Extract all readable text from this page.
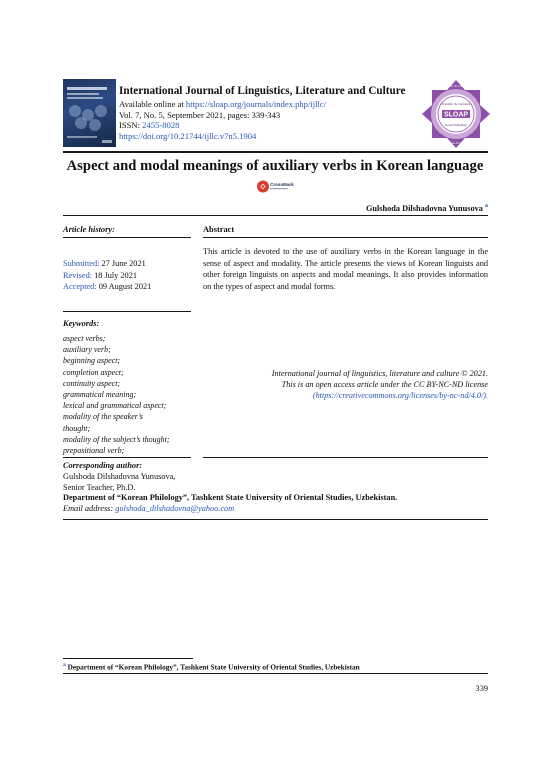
International Journal of Linguistics, Literature and Culture
Available online at https://sloap.org/journals/index.php/ijllc/
Vol. 7, No. 5, September 2021, pages: 339-343
ISSN: 2455-8028
https://doi.org/10.21744/ijllc.v7n5.1904
SLOAP
Scientific & Literature
Korea Publishing
Scientific & Literature
Open Access
Aspect and modal meanings of auxiliary verbs in Korean language
CrossMark
Gulshoda Dilshadovna Yunusova $^a$
Article history:	Abstract
Submitted: 27 June 2021
Revised: 18 July 2021
Accepted: 09 August 2021
This article is devoted to the use of auxiliary verbs in the Korean language in the sense of aspect and modality. The article presents the views of Korean linguists and other foreign linguists on aspects and modal meanings. It also provides information on the types of aspect and modal forms.
Keywords:
aspect verbs;
auxiliary verb;
beginning aspect;
completion aspect;
continuity aspect;
grammatical meaning;
lexical and grammatical aspect;
modality of the speaker’s
thought;
modality of the subject’s thought;
prepositional verb;
International journal of linguistics, literature and culture © 2021.
This is an open access article under the CC BY-NC-ND license
(https://creativecommons.org/licenses/by-nc-nd/4.0/).
Corresponding author:
Gulshoda Dilshadovna Yunusova,
Senior Teacher, Ph.D.
Department of “Korean Philology”, Tashkent State University of Oriental Studies, Uzbekistan.
Email address: gulshoda_dilshadovna@yahoo.com
$^a$ Department of “Korean Philology”, Tashkent State University of Oriental Studies, Uzbekistan
339
